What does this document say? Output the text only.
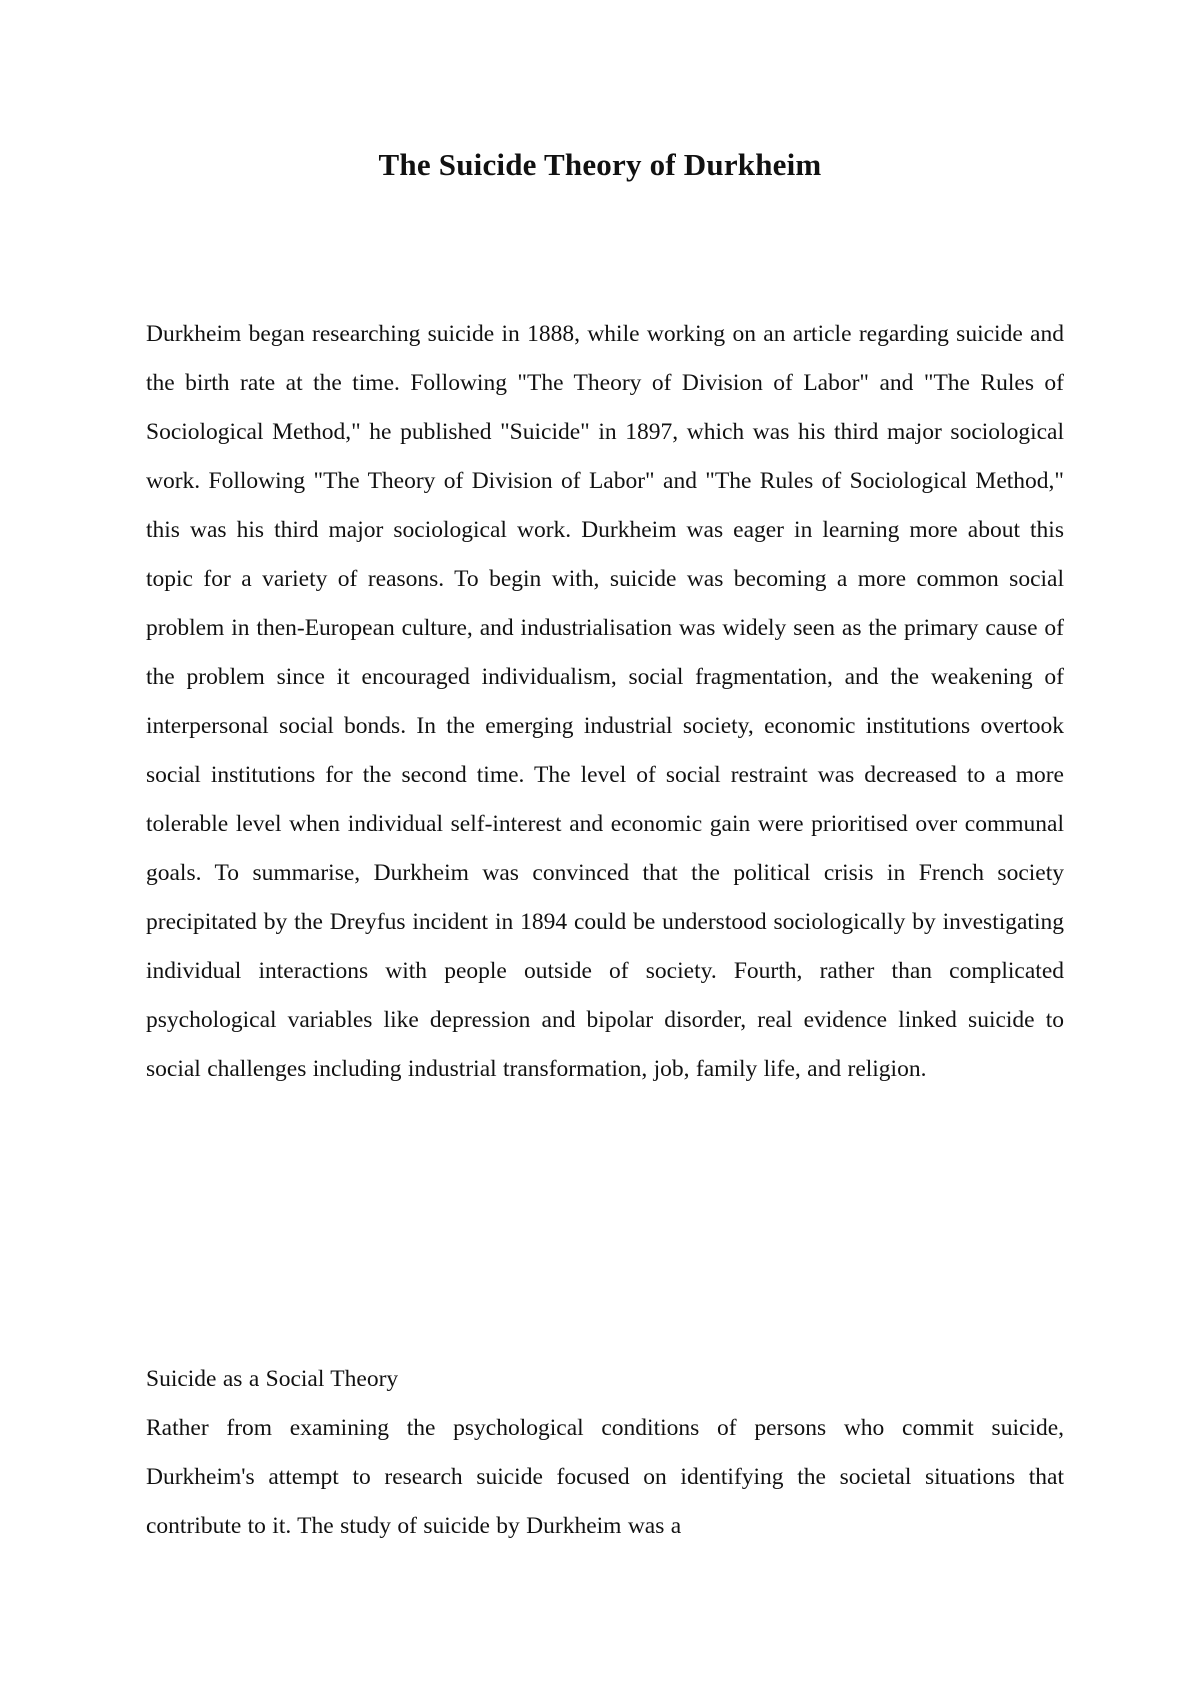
The Suicide Theory of Durkheim

Durkheim began researching suicide in 1888, while working on an article regarding suicide and the birth rate at the time. Following "The Theory of Division of Labor" and "The Rules of Sociological Method," he published "Suicide" in 1897, which was his third major sociological work. Following "The Theory of Division of Labor" and "The Rules of Sociological Method," this was his third major sociological work. Durkheim was eager in learning more about this topic for a variety of reasons. To begin with, suicide was becoming a more common social problem in then-European culture, and industrialisation was widely seen as the primary cause of the problem since it encouraged individualism, social fragmentation, and the weakening of interpersonal social bonds. In the emerging industrial society, economic institutions overtook social institutions for the second time. The level of social restraint was decreased to a more tolerable level when individual self-interest and economic gain were prioritised over communal goals. To summarise, Durkheim was convinced that the political crisis in French society precipitated by the Dreyfus incident in 1894 could be understood sociologically by investigating individual interactions with people outside of society. Fourth, rather than complicated psychological variables like depression and bipolar disorder, real evidence linked suicide to social challenges including industrial transformation, job, family life, and religion.

Suicide as a Social Theory

Rather from examining the psychological conditions of persons who commit suicide, Durkheim's attempt to research suicide focused on identifying the societal situations that contribute to it. The study of suicide by Durkheim was a
